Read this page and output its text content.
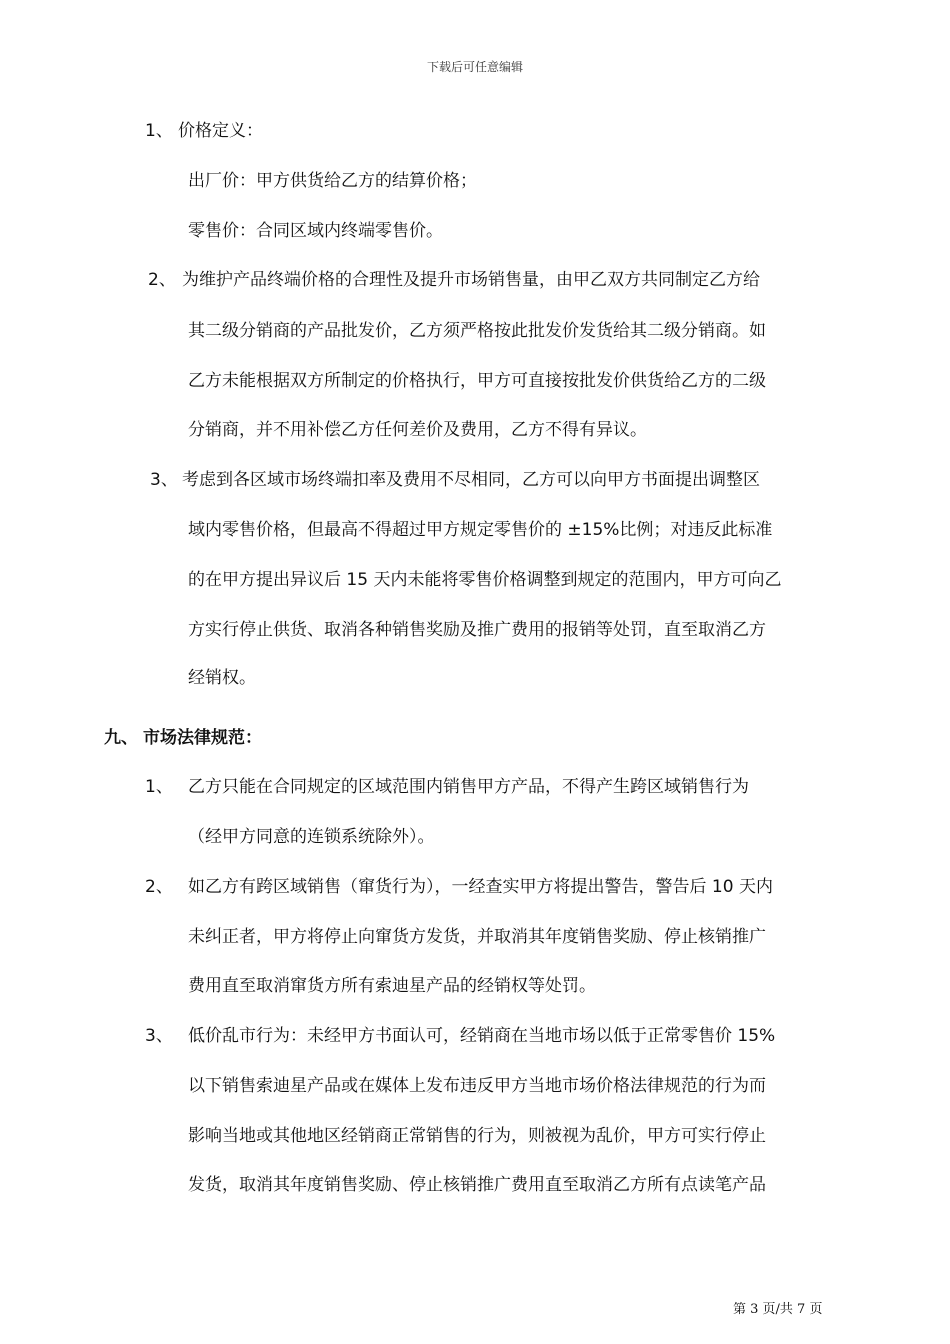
下载后可任意编辑
1、 价格定义：
出厂价：甲方供货给乙方的结算价格；
零售价：合同区域内终端零售价。
2、 为维护产品终端价格的合理性及提升市场销售量，由甲乙双方共同制定乙方给
其二级分销商的产品批发价，乙方须严格按此批发价发货给其二级分销商。如
乙方未能根据双方所制定的价格执行，甲方可直接按批发价供货给乙方的二级
分销商，并不用补偿乙方任何差价及费用，乙方不得有异议。
3、 考虑到各区域市场终端扣率及费用不尽相同，乙方可以向甲方书面提出调整区
域内零售价格，但最高不得超过甲方规定零售价的 ±15%比例；对违反此标准
的在甲方提出异议后 15 天内未能将零售价格调整到规定的范围内，甲方可向乙
方实行停止供货、取消各种销售奖励及推广费用的报销等处罚，直至取消乙方
经销权。
九、 市场法律规范：
1、 乙方只能在合同规定的区域范围内销售甲方产品，不得产生跨区域销售行为
（经甲方同意的连锁系统除外）。
2、 如乙方有跨区域销售（窜货行为），一经查实甲方将提出警告，警告后 10 天内
未纠正者，甲方将停止向窜货方发货，并取消其年度销售奖励、停止核销推广
费用直至取消窜货方所有索迪星产品的经销权等处罚。
3、 低价乱市行为：未经甲方书面认可，经销商在当地市场以低于正常零售价 15%
以下销售索迪星产品或在媒体上发布违反甲方当地市场价格法律规范的行为而
影响当地或其他地区经销商正常销售的行为，则被视为乱价，甲方可实行停止
发货，取消其年度销售奖励、停止核销推广费用直至取消乙方所有点读笔产品
第 3 页/共 7 页
